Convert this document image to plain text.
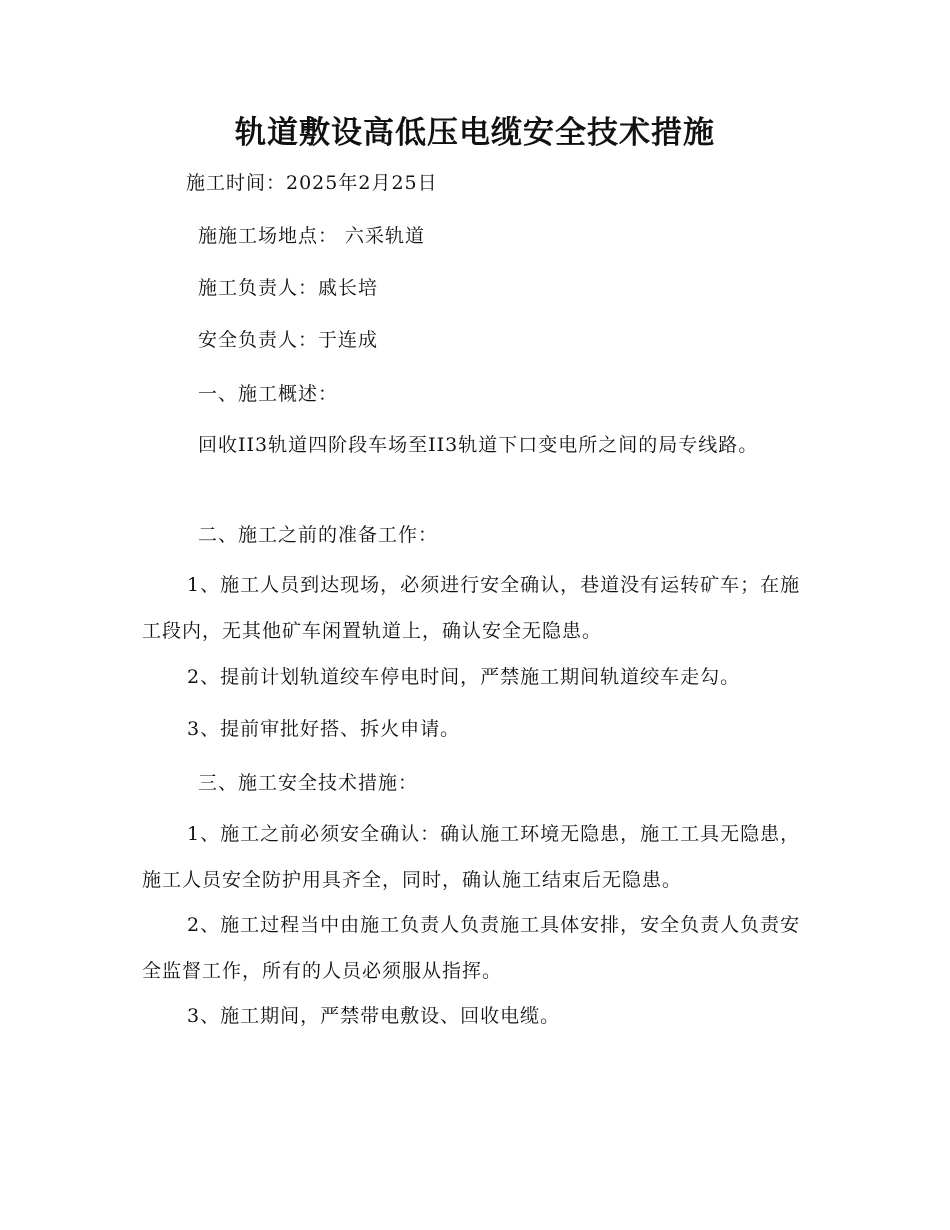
轨道敷设高低压电缆安全技术措施
施工时间：2025年2月25日
施施工场地点： 六采轨道
施工负责人：戚长培
安全负责人：于连成
一、施工概述：
回收II3轨道四阶段车场至II3轨道下口变电所之间的局专线路。
二、施工之前的准备工作：
1、施工人员到达现场，必须进行安全确认，巷道没有运转矿车；在施工段内，无其他矿车闲置轨道上，确认安全无隐患。
2、提前计划轨道绞车停电时间，严禁施工期间轨道绞车走勾。
3、提前审批好搭、拆火申请。
三、施工安全技术措施：
1、施工之前必须安全确认：确认施工环境无隐患，施工工具无隐患，施工人员安全防护用具齐全，同时，确认施工结束后无隐患。
2、施工过程当中由施工负责人负责施工具体安排，安全负责人负责安全监督工作，所有的人员必须服从指挥。
3、施工期间，严禁带电敷设、回收电缆。
